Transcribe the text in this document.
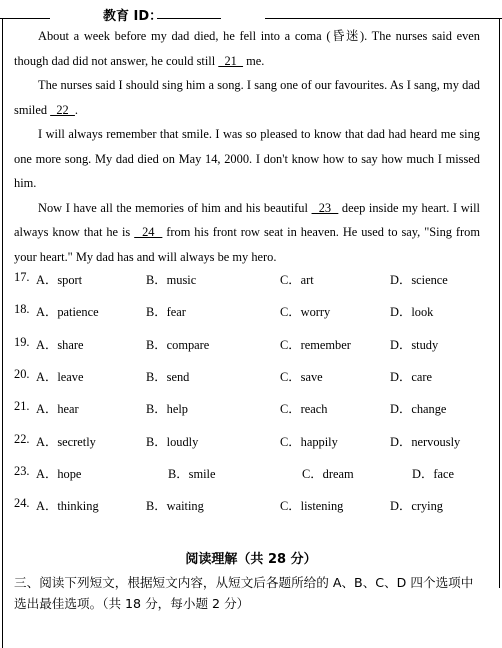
教育 ID：

About a week before my dad died, he fell into a coma (昏迷). The nurses said even though dad did not answer, he could still   21   me.

The nurses said I should sing him a song. I sang one of our favourites. As I sang, my dad smiled   22  .

I will always remember that smile. I was so pleased to know that dad had heard me sing one more song. My dad died on May 14, 2000. I don't know how to say how much I missed him.

Now I have all the memories of him and his beautiful   23   deep inside my heart. I will always know that he is   24   from his front row seat in heaven. He used to say, "Sing from your heart." My dad has and will always be my hero.

17. A．sport	B．music	C．art	D．science
18. A．patience	B．fear	C．worry	D．look
19. A．share	B．compare	C．remember	D．study
20. A．leave	B．send	C．save	D．care
21. A．hear	B．help	C．reach	D．change
22. A．secretly	B．loudly	C．happily	D．nervously
23. A．hope	B．smile	C．dream	D．face
24. A．thinking	B．waiting	C．listening	D．crying
阅读理解（共 28 分）
三、阅读下列短文，根据短文内容，从短文后各题所给的 A、B、C、D 四个选项中选出最佳选项。（共 18 分，每小题 2 分）
